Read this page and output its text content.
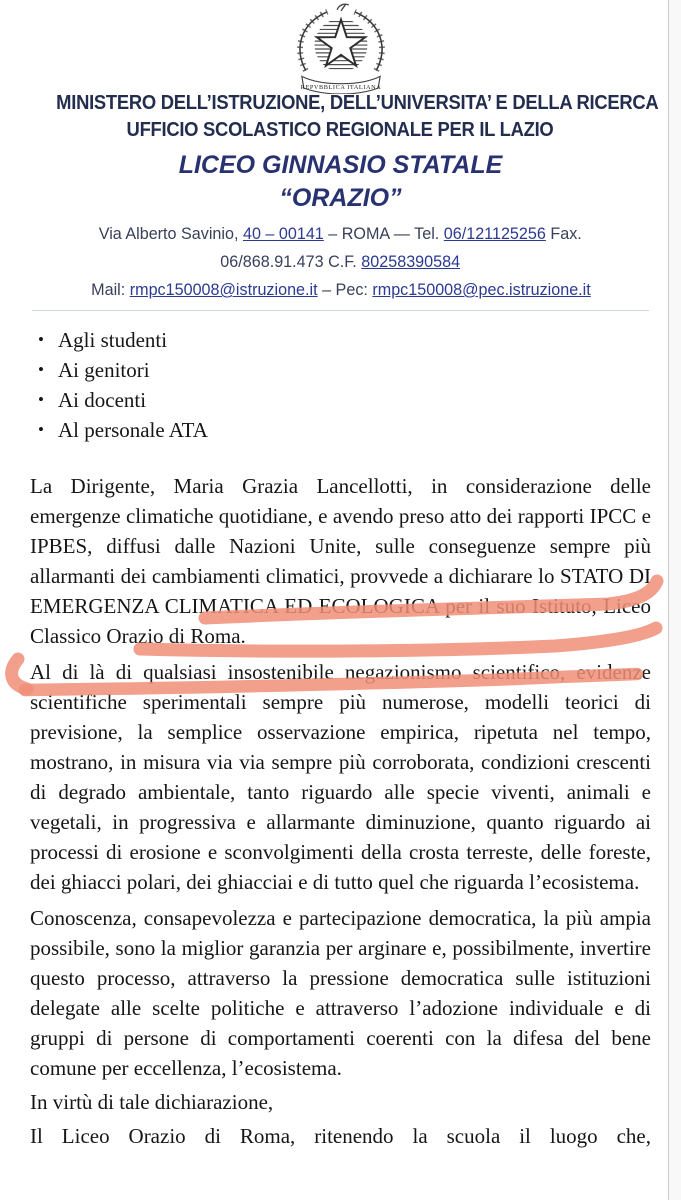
REPVBBLICA ITALIANA
MINISTERO DELL’ISTRUZIONE, DELL’UNIVERSITA’ E DELLA RICERCA
UFFICIO SCOLASTICO REGIONALE PER IL LAZIO
LICEO GINNASIO STATALE
“ORAZIO”
Via Alberto Savinio, 40 – 00141 – ROMA — Tel. 06/121125256 Fax.
06/868.91.473 C.F. 80258390584
Mail: rmpc150008@istruzione.it – Pec: rmpc150008@pec.istruzione.it
• Agli studenti
• Ai genitori
• Ai docenti
• Al personale ATA

La Dirigente, Maria Grazia Lancellotti, in considerazione delle emergenze climatiche quotidiane, e avendo preso atto dei rapporti IPCC e IPBES, diffusi dalle Nazioni Unite, sulle conseguenze sempre più allarmanti dei cambiamenti climatici, provvede a dichiarare lo STATO DI EMERGENZA CLIMATICA ED ECOLOGICA per il suo Istituto, Liceo Classico Orazio di Roma.

Al di là di qualsiasi insostenibile negazionismo scientifico, evidenze scientifiche sperimentali sempre più numerose, modelli teorici di previsione, la semplice osservazione empirica, ripetuta nel tempo, mostrano, in misura via via sempre più corroborata, condizioni crescenti di degrado ambientale, tanto riguardo alle specie viventi, animali e vegetali, in progressiva e allarmante diminuzione, quanto riguardo ai processi di erosione e sconvolgimenti della crosta terreste, delle foreste, dei ghiacci polari, dei ghiacciai e di tutto quel che riguarda l’ecosistema.

Conoscenza, consapevolezza e partecipazione democratica, la più ampia possibile, sono la miglior garanzia per arginare e, possibilmente, invertire questo processo, attraverso la pressione democratica sulle istituzioni delegate alle scelte politiche e attraverso l’adozione individuale e di gruppi di persone di comportamenti coerenti con la difesa del bene comune per eccellenza, l’ecosistema.

In virtù di tale dichiarazione,

Il Liceo Orazio di Roma, ritenendo la scuola il luogo che,
